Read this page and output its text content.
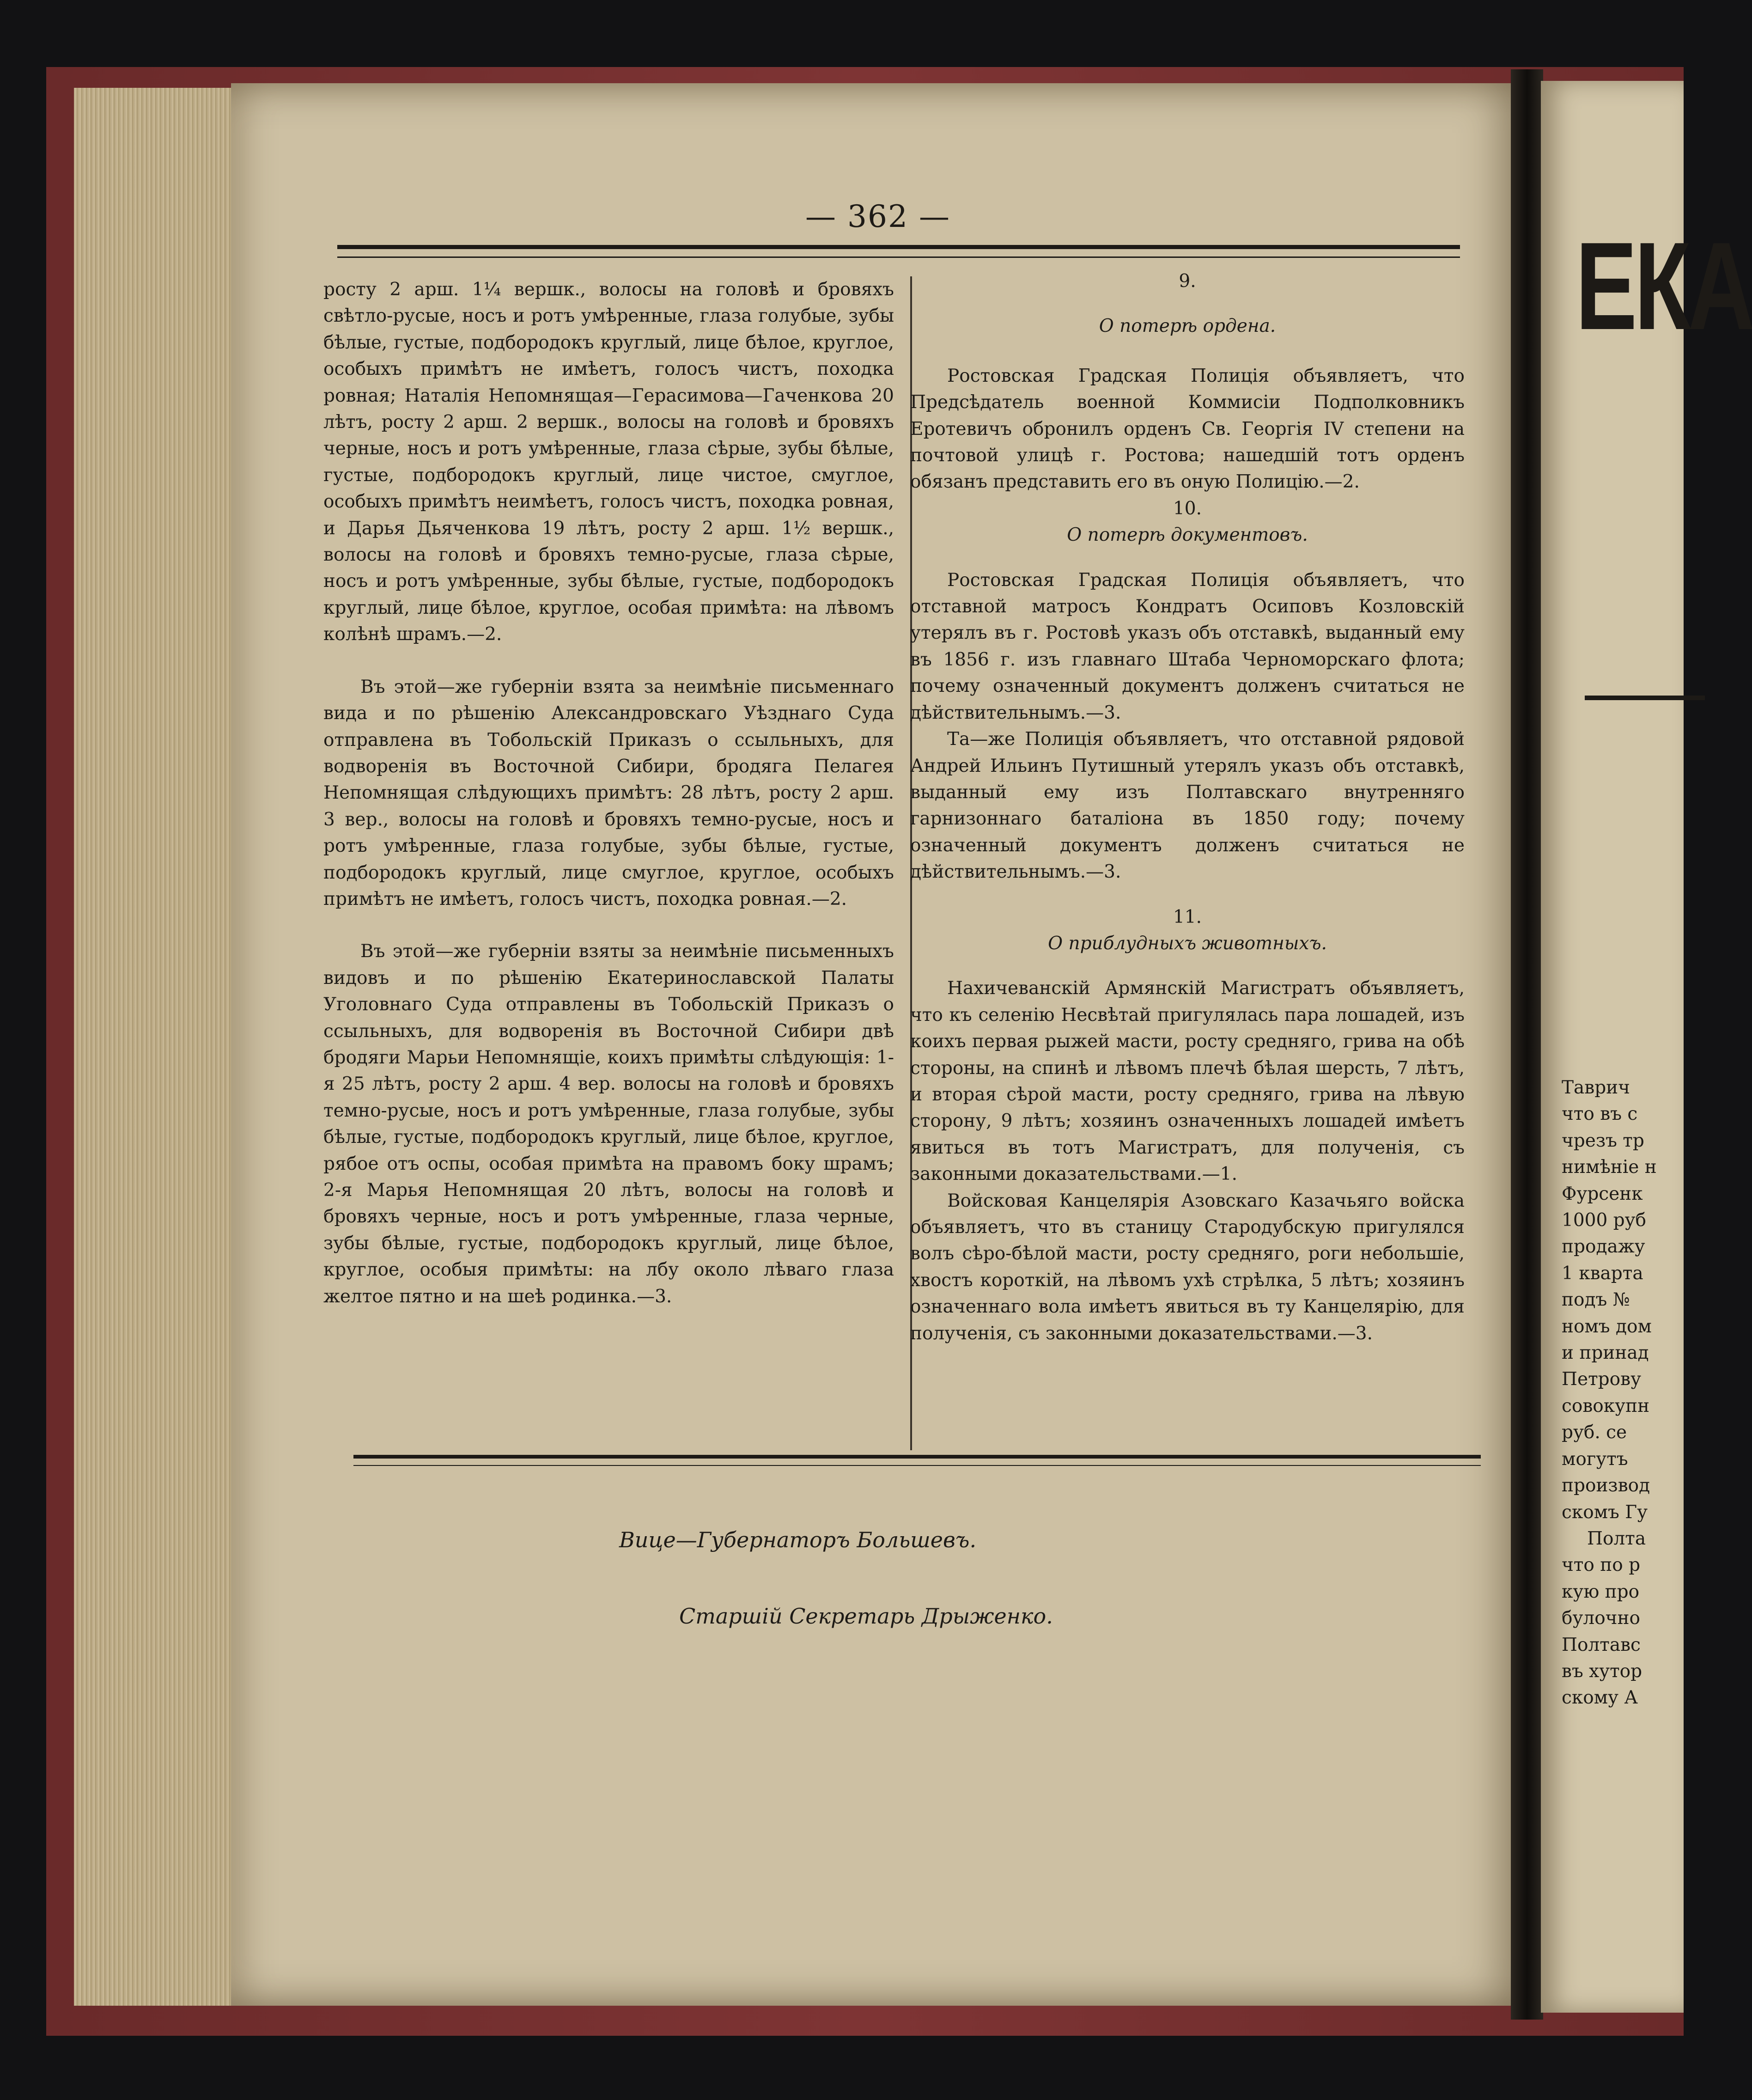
— 362 —

росту 2 арш. 1¼ вершк., волосы на головѣ и бровяхъ свѣтло-русые, носъ и ротъ умѣренные, глаза голубые, зубы бѣлые, густые, подбородокъ круглый, лице бѣлое, круглое, особыхъ примѣтъ не имѣетъ, голосъ чистъ, походка ровная; Наталія Непомнящая—Герасимова—Гаченкова 20 лѣтъ, росту 2 арш. 2 вершк., волосы на головѣ и бровяхъ черные, носъ и ротъ умѣренные, глаза сѣрые, зубы бѣлые, густые, подбородокъ круглый, лице чистое, смуглое, особыхъ примѣтъ неимѣетъ, голосъ чистъ, походка ровная, и Дарья Дьяченкова 19 лѣтъ, росту 2 арш. 1½ вершк., волосы на головѣ и бровяхъ темно-русые, глаза сѣрые, носъ и ротъ умѣренные, зубы бѣлые, густые, подбородокъ круглый, лице бѣлое, круглое, особая примѣта: на лѣвомъ колѣнѣ шрамъ.—2.

Въ этой—же губерніи взята за неимѣніе письменнаго вида и по рѣшенію Александровскаго Уѣзднаго Суда отправлена въ Тобольскій Приказъ о ссыльныхъ, для водворенія въ Восточной Сибири, бродяга Пелагея Непомнящая слѣдующихъ примѣтъ: 28 лѣтъ, росту 2 арш. 3 вер., волосы на головѣ и бровяхъ темно-русые, носъ и ротъ умѣренные, глаза голубые, зубы бѣлые, густые, подбородокъ круглый, лице смуглое, круглое, особыхъ примѣтъ не имѣетъ, голосъ чистъ, походка ровная.—2.

Въ этой—же губерніи взяты за неимѣніе письменныхъ видовъ и по рѣшенію Екатеринославской Палаты Уголовнаго Суда отправлены въ Тобольскій Приказъ о ссыльныхъ, для водворенія въ Восточной Сибири двѣ бродяги Марьи Непомнящіе, коихъ примѣты слѣдующія: 1-я 25 лѣтъ, росту 2 арш. 4 вер. волосы на головѣ и бровяхъ темно-русые, носъ и ротъ умѣренные, глаза голубые, зубы бѣлые, густые, подбородокъ круглый, лице бѣлое, круглое, рябое отъ оспы, особая примѣта на правомъ боку шрамъ; 2-я Марья Непомнящая 20 лѣтъ, волосы на головѣ и бровяхъ черные, носъ и ротъ умѣренные, глаза черные, зубы бѣлые, густые, подбородокъ круглый, лице бѣлое, круглое, особыя примѣты: на лбу около лѣваго глаза желтое пятно и на шеѣ родинка.—3.

9.

О потерѣ ордена.

Ростовская Градская Полиція объявляетъ, что Предсѣдатель военной Коммисіи Подполковникъ Еротевичъ обронилъ орденъ Св. Георгія IV степени на почтовой улицѣ г. Ростова; нашедшій тотъ орденъ обязанъ представить его въ оную Полицію.—2.

10.

О потерѣ документовъ.

Ростовская Градская Полиція объявляетъ, что отставной матросъ Кондратъ Осиповъ Козловскій утерялъ въ г. Ростовѣ указъ объ отставкѣ, выданный ему въ 1856 г. изъ главнаго Штаба Черноморскаго флота; почему означенный документъ долженъ считаться не дѣйствительнымъ.—3.

Та—же Полиція объявляетъ, что отставной рядовой Андрей Ильинъ Путишный утерялъ указъ объ отставкѣ, выданный ему изъ Полтавскаго внутренняго гарнизоннаго баталіона въ 1850 году; почему означенный документъ долженъ считаться не дѣйствительнымъ.—3.

11.

О приблудныхъ животныхъ.

Нахичеванскій Армянскій Магистратъ объявляетъ, что къ селенію Несвѣтай пригулялась пара лошадей, изъ коихъ первая рыжей масти, росту средняго, грива на обѣ стороны, на спинѣ и лѣвомъ плечѣ бѣлая шерсть, 7 лѣтъ, и вторая сѣрой масти, росту средняго, грива на лѣвую сторону, 9 лѣтъ; хозяинъ означенныхъ лошадей имѣетъ явиться въ тотъ Магистратъ, для полученія, съ законными доказательствами.—1.

Войсковая Канцелярія Азовскаго Казачьяго войска объявляетъ, что въ станицу Стародубскую пригулялся волъ сѣро-бѣлой масти, росту средняго, роги небольшіе, хвостъ короткій, на лѣвомъ ухѣ стрѣлка, 5 лѣтъ; хозяинъ означеннаго вола имѣетъ явиться въ ту Канцелярію, для полученія, съ законными доказательствами.—3.

Вице—Губернаторъ Большевъ.
Старшій Секретарь Дрыженко.
ЕКА
Таврич
что въ с
чрезъ тр
нимѣніе н
Фурсенк
1000 руб
продажу
1 кварта
подъ №
номъ дом
и принад
Петрову
совокупн
руб. се
могутъ
производ
скомъ Гу
Полта
что по р
кую про
булочно
Полтавс
въ хутор
скому А
